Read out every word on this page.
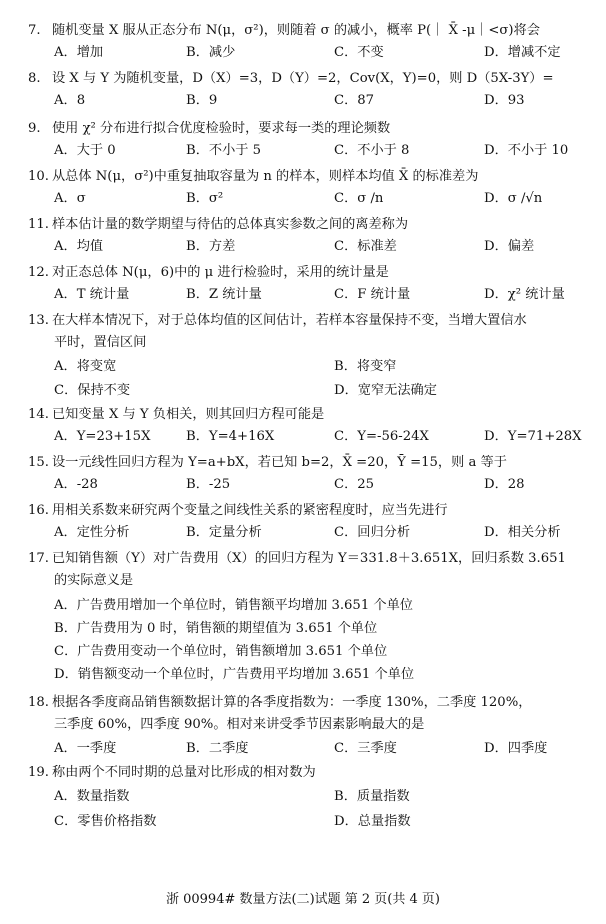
7. 随机变量 X 服从正态分布 N(μ，σ²)，则随着 σ 的减小，概率 P(｜ X̄ -μ｜<σ)将会
A．增加	B．减少	C．不变	D．增减不定
8. 设 X 与 Y 为随机变量，D（X）=3，D（Y）=2，Cov(X，Y)=0，则 D（5X-3Y）=
A．8	B．9	C．87	D．93
9. 使用 χ² 分布进行拟合优度检验时，要求每一类的理论频数
A．大于 0	B．不小于 5	C．不小于 8	D．不小于 10
10. 从总体 N(μ，σ²)中重复抽取容量为 n 的样本，则样本均值 X̄ 的标准差为
A．σ	B．σ²	C．σ /n	D．σ /√n
11. 样本估计量的数学期望与待估的总体真实参数之间的离差称为
A．均值	B．方差	C．标准差	D．偏差
12. 对正态总体 N(μ，6)中的 μ 进行检验时，采用的统计量是
A．T 统计量	B．Z 统计量	C．F 统计量	D．χ² 统计量
13. 在大样本情况下，对于总体均值的区间估计，若样本容量保持不变，当增大置信水
平时，置信区间
A．将变宽	B．将变窄
C．保持不变	D．宽窄无法确定
14. 已知变量 X 与 Y 负相关，则其回归方程可能是
A．Y=23+15X	B．Y=4+16X	C．Y=-56-24X	D．Y=71+28X
15. 设一元线性回归方程为 Y=a+bX，若已知 b=2，X̄ =20，Ȳ =15，则 a 等于
A．-28	B．-25	C．25	D．28
16. 用相关系数来研究两个变量之间线性关系的紧密程度时，应当先进行
A．定性分析	B．定量分析	C．回归分析	D．相关分析
17. 已知销售额（Y）对广告费用（X）的回归方程为 Y＝331.8＋3.651X，回归系数 3.651
的实际意义是
A．广告费用增加一个单位时，销售额平均增加 3.651 个单位
B．广告费用为 0 时，销售额的期望值为 3.651 个单位
C．广告费用变动一个单位时，销售额增加 3.651 个单位
D．销售额变动一个单位时，广告费用平均增加 3.651 个单位
18. 根据各季度商品销售额数据计算的各季度指数为：一季度 130%，二季度 120%，
三季度 60%，四季度 90%。相对来讲受季节因素影响最大的是
A．一季度	B．二季度	C．三季度	D．四季度
19. 称由两个不同时期的总量对比形成的相对数为
A．数量指数	B．质量指数
C．零售价格指数	D．总量指数
浙 00994# 数量方法(二)试题 第 2 页(共 4 页)
